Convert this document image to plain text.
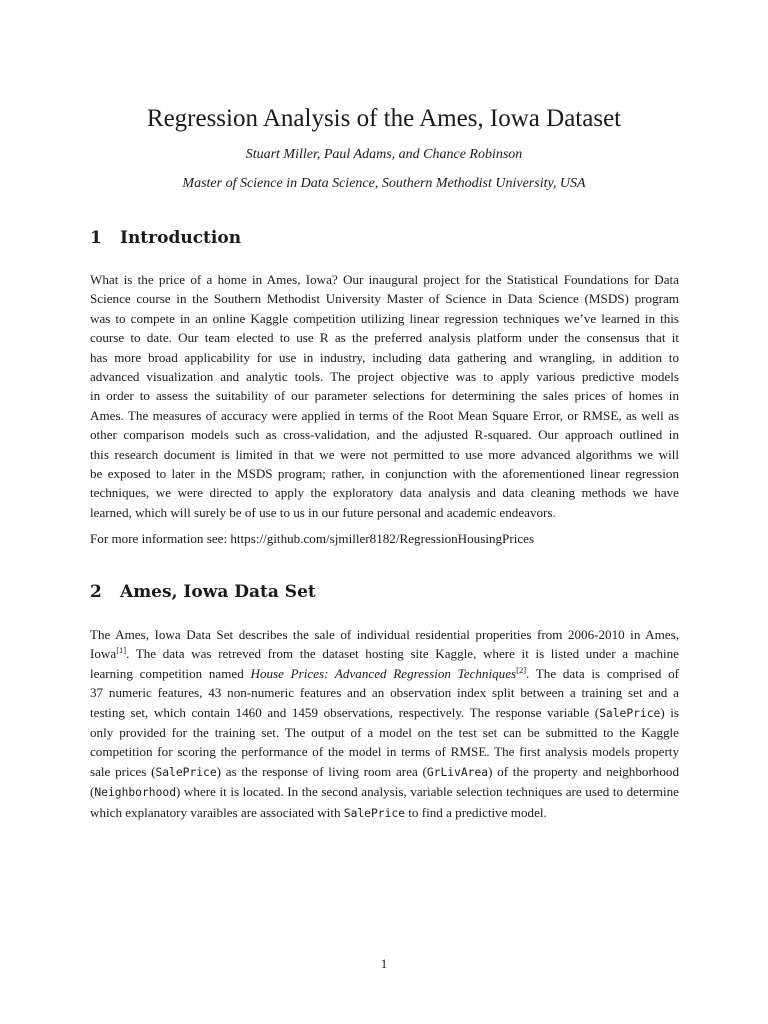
Regression Analysis of the Ames, Iowa Dataset
Stuart Miller, Paul Adams, and Chance Robinson
Master of Science in Data Science, Southern Methodist University, USA
1 Introduction
What is the price of a home in Ames, Iowa? Our inaugural project for the Statistical Foundations for Data
Science course in the Southern Methodist University Master of Science in Data Science (MSDS) program
was to compete in an online Kaggle competition utilizing linear regression techniques we’ve learned in this
course to date. Our team elected to use R as the preferred analysis platform under the consensus that it
has more broad applicability for use in industry, including data gathering and wrangling, in addition to
advanced visualization and analytic tools. The project objective was to apply various predictive models
in order to assess the suitability of our parameter selections for determining the sales prices of homes in
Ames. The measures of accuracy were applied in terms of the Root Mean Square Error, or RMSE, as well as
other comparison models such as cross-validation, and the adjusted R-squared. Our approach outlined in
this research document is limited in that we were not permitted to use more advanced algorithms we will
be exposed to later in the MSDS program; rather, in conjunction with the aforementioned linear regression
techniques, we were directed to apply the exploratory data analysis and data cleaning methods we have
learned, which will surely be of use to us in our future personal and academic endeavors.
For more information see: https://github.com/sjmiller8182/RegressionHousingPrices
2 Ames, Iowa Data Set
The Ames, Iowa Data Set describes the sale of individual residential properities from 2006-2010 in Ames,
Iowa[1]. The data was retreved from the dataset hosting site Kaggle, where it is listed under a machine
learning competition named House Prices: Advanced Regression Techniques[2]. The data is comprised of
37 numeric features, 43 non-numeric features and an observation index split between a training set and a
testing set, which contain 1460 and 1459 observations, respectively. The response variable (SalePrice) is
only provided for the training set. The output of a model on the test set can be submitted to the Kaggle
competition for scoring the performance of the model in terms of RMSE. The first analysis models property
sale prices (SalePrice) as the response of living room area (GrLivArea) of the property and neighborhood
(Neighborhood) where it is located. In the second analysis, variable selection techniques are used to determine
which explanatory varaibles are associated with SalePrice to find a predictive model.
1
